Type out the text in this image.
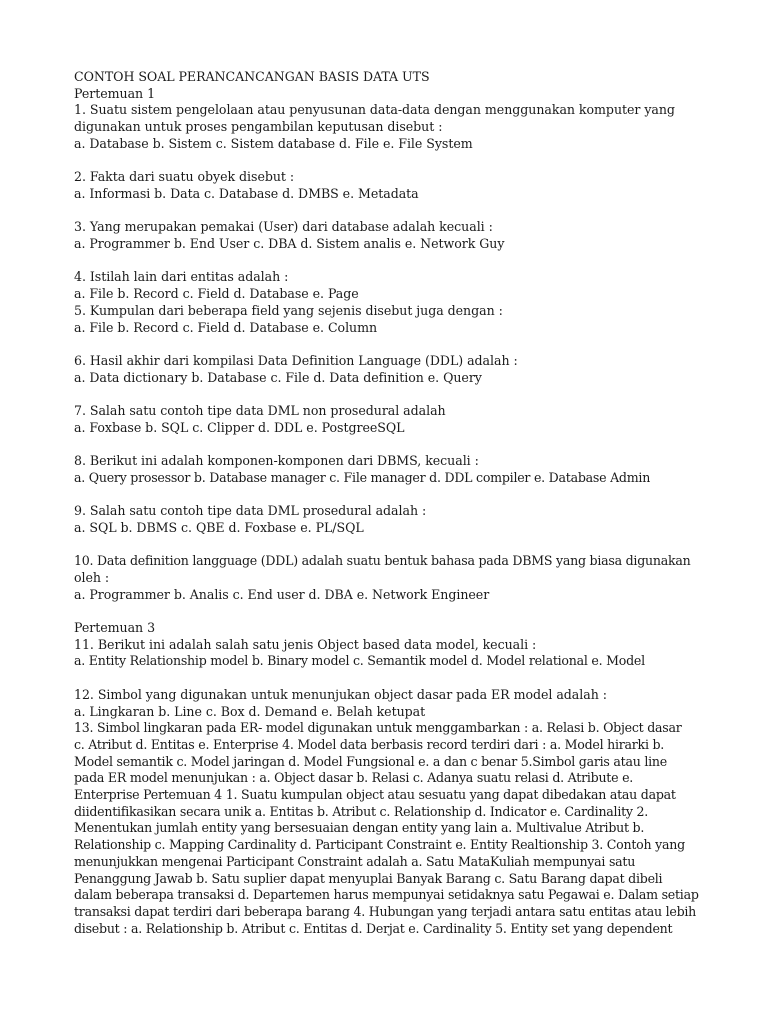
CONTOH SOAL PERANCANCANGAN BASIS DATA UTS
Pertemuan 1
1. Suatu sistem pengelolaan atau penyusunan data-data dengan menggunakan komputer yang
digunakan untuk proses pengambilan keputusan disebut :
a. Database b. Sistem c. Sistem database d. File e. File System
2. Fakta dari suatu obyek disebut :
a. Informasi b. Data c. Database d. DMBS e. Metadata
3. Yang merupakan pemakai (User) dari database adalah kecuali :
a. Programmer b. End User c. DBA d. Sistem analis e. Network Guy
4. Istilah lain dari entitas adalah :
a. File b. Record c. Field d. Database e. Page
5. Kumpulan dari beberapa field yang sejenis disebut juga dengan :
a. File b. Record c. Field d. Database e. Column
6. Hasil akhir dari kompilasi Data Definition Language (DDL) adalah :
a. Data dictionary b. Database c. File d. Data definition e. Query
7. Salah satu contoh tipe data DML non prosedural adalah
a. Foxbase b. SQL c. Clipper d. DDL e. PostgreeSQL
8. Berikut ini adalah komponen-komponen dari DBMS, kecuali :
a. Query prosessor b. Database manager c. File manager d. DDL compiler e. Database Admin
9. Salah satu contoh tipe data DML prosedural adalah :
a. SQL b. DBMS c. QBE d. Foxbase e. PL/SQL
10. Data definition langguage (DDL) adalah suatu bentuk bahasa pada DBMS yang biasa digunakan
oleh :
a. Programmer b. Analis c. End user d. DBA e. Network Engineer
Pertemuan 3
11. Berikut ini adalah salah satu jenis Object based data model, kecuali :
a. Entity Relationship model b. Binary model c. Semantik model d. Model relational e. Model
12. Simbol yang digunakan untuk menunjukan object dasar pada ER model adalah :
a. Lingkaran b. Line c. Box d. Demand e. Belah ketupat
13. Simbol lingkaran pada ER- model digunakan untuk menggambarkan : a. Relasi b. Object dasar
c. Atribut d. Entitas e. Enterprise 4. Model data berbasis record terdiri dari : a. Model hirarki b.
Model semantik c. Model jaringan d. Model Fungsional e. a dan c benar 5.Simbol garis atau line
pada ER model menunjukan : a. Object dasar b. Relasi c. Adanya suatu relasi d. Atribute e.
Enterprise Pertemuan 4 1. Suatu kumpulan object atau sesuatu yang dapat dibedakan atau dapat
diidentifikasikan secara unik a. Entitas b. Atribut c. Relationship d. Indicator e. Cardinality 2.
Menentukan jumlah entity yang bersesuaian dengan entity yang lain a. Multivalue Atribut b.
Relationship c. Mapping Cardinality d. Participant Constraint e. Entity Realtionship 3. Contoh yang
menunjukkan mengenai Participant Constraint adalah a. Satu MataKuliah mempunyai satu
Penanggung Jawab b. Satu suplier dapat menyuplai Banyak Barang c. Satu Barang dapat dibeli
dalam beberapa transaksi d. Departemen harus mempunyai setidaknya satu Pegawai e. Dalam setiap
transaksi dapat terdiri dari beberapa barang 4. Hubungan yang terjadi antara satu entitas atau lebih
disebut : a. Relationship b. Atribut c. Entitas d. Derjat e. Cardinality 5. Entity set yang dependent
